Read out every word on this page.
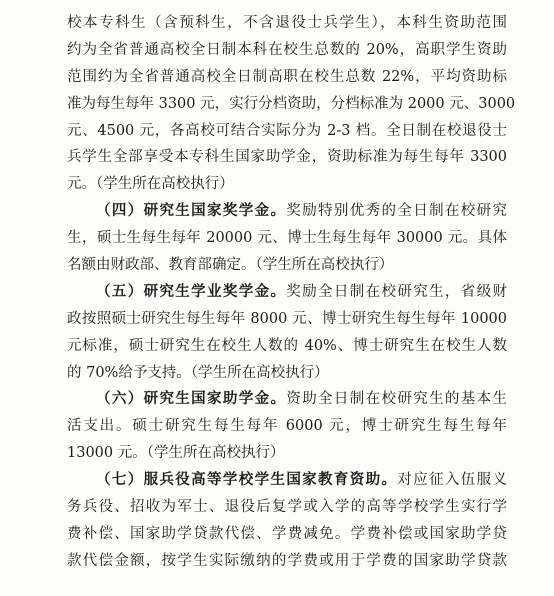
校本专科生（含预科生，不含退役士兵学生），本科生资助范围
约为全省普通高校全日制本科在校生总数的 20%，高职学生资助
范围约为全省普通高校全日制高职在校生总数 22%，平均资助标
准为每生每年 3300 元，实行分档资助，分档标准为 2000 元、3000
元、4500 元，各高校可结合实际分为 2-3 档。全日制在校退役士
兵学生全部享受本专科生国家助学金，资助标准为每生每年 3300
元。（学生所在高校执行）
（四）研究生国家奖学金。奖励特别优秀的全日制在校研究
生，硕士生每生每年 20000 元、博士生每生每年 30000 元。具体
名额由财政部、教育部确定。（学生所在高校执行）
（五）研究生学业奖学金。奖励全日制在校研究生，省级财
政按照硕士研究生每生每年 8000 元、博士研究生每生每年 10000
元标准，硕士研究生在校生人数的 40%、博士研究生在校生人数
的 70%给予支持。（学生所在高校执行）
（六）研究生国家助学金。资助全日制在校研究生的基本生
活支出。硕士研究生每生每年 6000 元，博士研究生每生每年
13000 元。（学生所在高校执行）
（七）服兵役高等学校学生国家教育资助。对应征入伍服义
务兵役、招收为军士、退役后复学或入学的高等学校学生实行学
费补偿、国家助学贷款代偿、学费减免。学费补偿或国家助学贷
款代偿金额，按学生实际缴纳的学费或用于学费的国家助学贷款
